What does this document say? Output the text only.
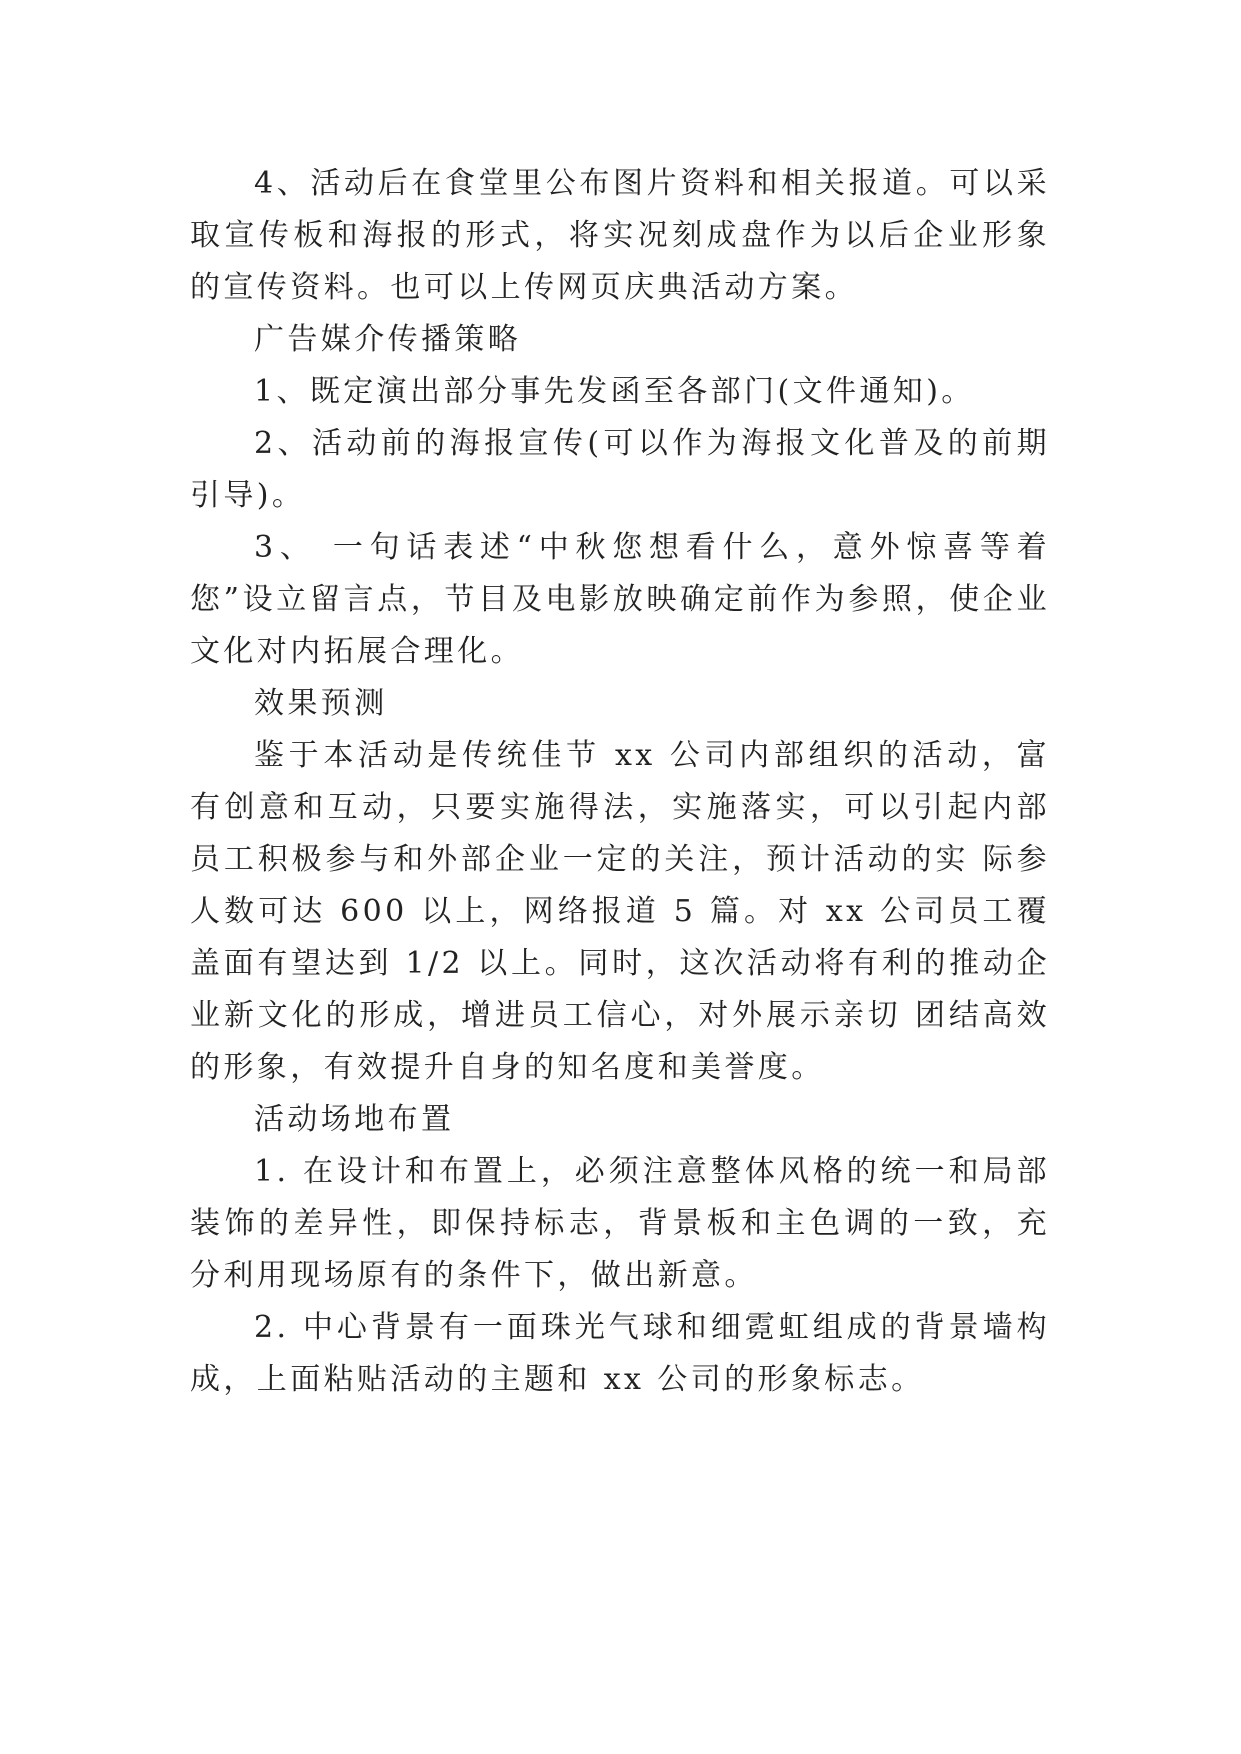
4、活动后在食堂里公布图片资料和相关报道。可以采取宣传板和海报的形式，将实况刻成盘作为以后企业形象的宣传资料。也可以上传网页庆典活动方案。

广告媒介传播策略

1、既定演出部分事先发函至各部门(文件通知)。

2、活动前的海报宣传(可以作为海报文化普及的前期引导)。

3、 一句话表述“中秋您想看什么，意外惊喜等着您”设立留言点，节目及电影放映确定前作为参照，使企业文化对内拓展合理化。

效果预测

鉴于本活动是传统佳节 xx 公司内部组织的活动，富有创意和互动，只要实施得法，实施落实，可以引起内部员工积极参与和外部企业一定的关注，预计活动的实 际参人数可达 600 以上，网络报道 5 篇。对 xx 公司员工覆盖面有望达到 1/2 以上。同时，这次活动将有利的推动企业新文化的形成，增进员工信心，对外展示亲切 团结高效的形象，有效提升自身的知名度和美誉度。

活动场地布置

1. 在设计和布置上，必须注意整体风格的统一和局部装饰的差异性，即保持标志，背景板和主色调的一致，充分利用现场原有的条件下，做出新意。

2. 中心背景有一面珠光气球和细霓虹组成的背景墙构成，上面粘贴活动的主题和 xx 公司的形象标志。
